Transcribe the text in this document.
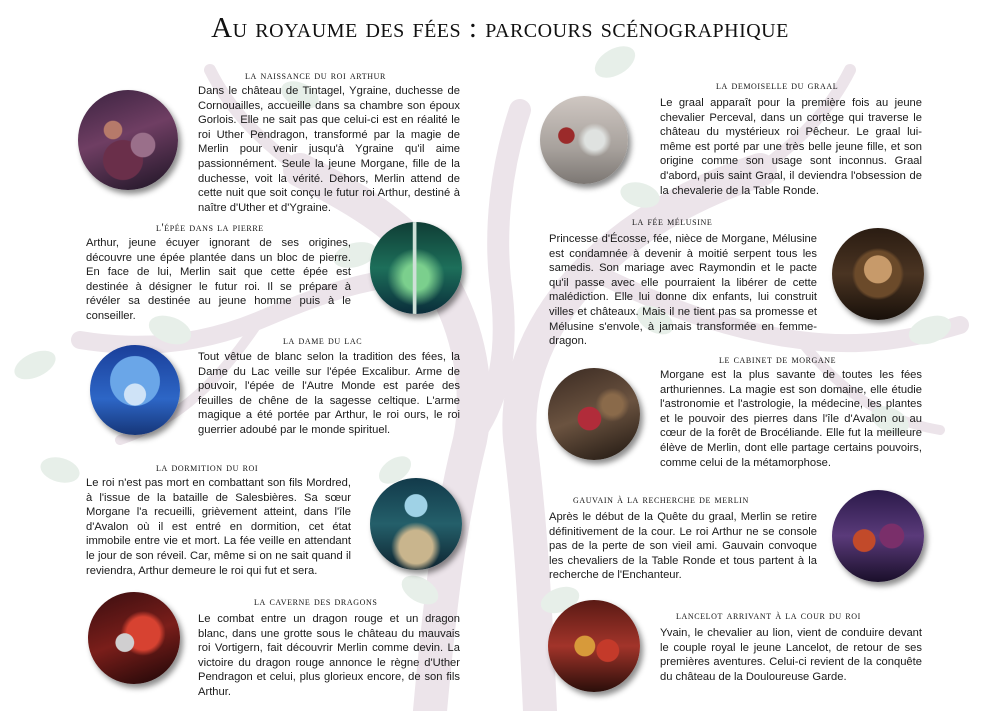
Au royaume des fées : parcours scénographique
la naissance du roi arthur

Dans le château de Tintagel, Ygraine, duchesse de Cornouailles, accueille dans sa chambre son époux Gorlois. Elle ne sait pas que celui-ci est en réalité le roi Uther Pendragon, transformé par la magie de Merlin pour venir jusqu'à Ygraine qu'il aime passionnément. Seule la jeune Morgane, fille de la duchesse, voit la vérité. Dehors, Merlin attend de cette nuit que soit conçu le futur roi Arthur, destiné à naître d'Uther et d'Ygraine.

l'épée dans la pierre

Arthur, jeune écuyer ignorant de ses origines, découvre une épée plantée dans un bloc de pierre. En face de lui, Merlin sait que cette épée est destinée à désigner le futur roi. Il se prépare à révéler sa destinée au jeune homme puis à le conseiller.

la dame du lac

Tout vêtue de blanc selon la tradition des fées, la Dame du Lac veille sur l'épée Excalibur. Arme de pouvoir, l'épée de l'Autre Monde est parée des feuilles de chêne de la sagesse celtique. L'arme magique a été portée par Arthur, le roi ours, le roi guerrier adoubé par le monde spirituel.

la dormition du roi

Le roi n'est pas mort en combattant son fils Mordred, à l'issue de la bataille de Salesbières. Sa sœur Morgane l'a recueilli, grièvement atteint, dans l'île d'Avalon où il est entré en dormition, cet état immobile entre vie et mort. La fée veille en attendant le jour de son réveil. Car, même si on ne sait quand il reviendra, Arthur demeure le roi qui fut et sera.

la caverne des dragons

Le combat entre un dragon rouge et un dragon blanc, dans une grotte sous le château du mauvais roi Vortigern, fait découvrir Merlin comme devin. La victoire du dragon rouge annonce le règne d'Uther Pendragon et celui, plus glorieux encore, de son fils Arthur.

la demoiselle du graal

Le graal apparaît pour la première fois au jeune chevalier Perceval, dans un cortège qui traverse le château du mystérieux roi Pêcheur. Le graal lui-même est porté par une très belle jeune fille, et son origine comme son usage sont inconnus. Graal d'abord, puis saint Graal, il deviendra l'obsession de la chevalerie de la Table Ronde.

la fée mélusine

Princesse d'Écosse, fée, nièce de Morgane, Mélusine est condamnée à devenir à moitié serpent tous les samedis. Son mariage avec Raymondin et le pacte qu'il passe avec elle pourraient la libérer de cette malédiction. Elle lui donne dix enfants, lui construit villes et châteaux. Mais il ne tient pas sa promesse et Mélusine s'envole, à jamais transformée en femme-dragon.

le cabinet de morgane

Morgane est la plus savante de toutes les fées arthuriennes. La magie est son domaine, elle étudie l'astronomie et l'astrologie, la médecine, les plantes et le pouvoir des pierres dans l'île d'Avalon ou au cœur de la forêt de Brocéliande. Elle fut la meilleure élève de Merlin, dont elle partage certains pouvoirs, comme celui de la métamorphose.

gauvain à la recherche de merlin

Après le début de la Quête du graal, Merlin se retire définitivement de la cour. Le roi Arthur ne se console pas de la perte de son vieil ami. Gauvain convoque les chevaliers de la Table Ronde et tous partent à la recherche de l'Enchanteur.

lancelot arrivant à la cour du roi

Yvain, le chevalier au lion, vient de conduire devant le couple royal le jeune Lancelot, de retour de ses premières aventures. Celui-ci revient de la conquête du château de la Douloureuse Garde.
